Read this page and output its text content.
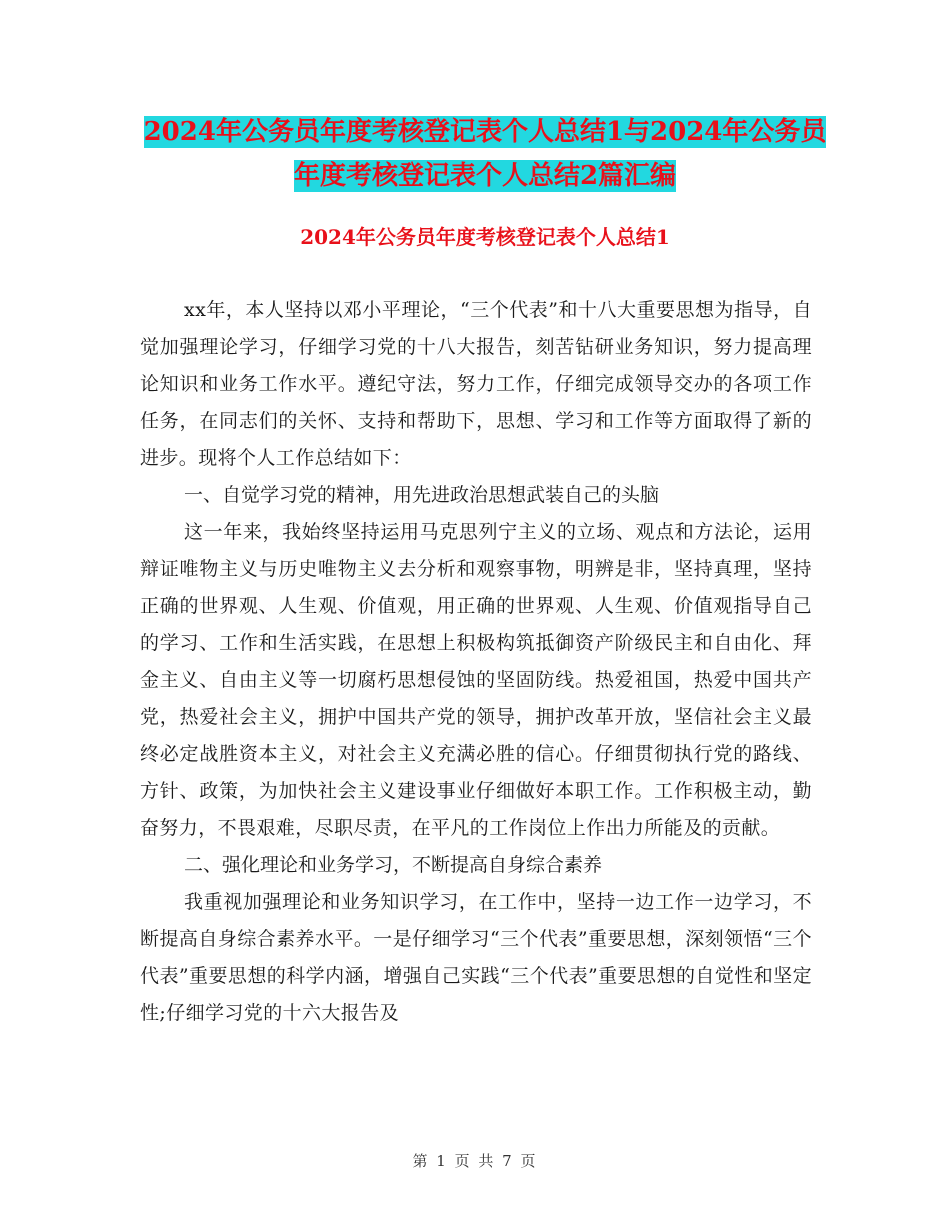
2024年公务员年度考核登记表个人总结1与2024年公务员年度考核登记表个人总结2篇汇编
2024年公务员年度考核登记表个人总结1

xx年，本人坚持以邓小平理论，“三个代表”和十八大重要思想为指导，自觉加强理论学习，仔细学习党的十八大报告，刻苦钻研业务知识，努力提高理论知识和业务工作水平。遵纪守法，努力工作，仔细完成领导交办的各项工作任务，在同志们的关怀、支持和帮助下，思想、学习和工作等方面取得了新的进步。现将个人工作总结如下：

一、自觉学习党的精神，用先进政治思想武装自己的头脑

这一年来，我始终坚持运用马克思列宁主义的立场、观点和方法论，运用辩证唯物主义与历史唯物主义去分析和观察事物，明辨是非，坚持真理，坚持正确的世界观、人生观、价值观，用正确的世界观、人生观、价值观指导自己的学习、工作和生活实践，在思想上积极构筑抵御资产阶级民主和自由化、拜金主义、自由主义等一切腐朽思想侵蚀的坚固防线。热爱祖国，热爱中国共产党，热爱社会主义，拥护中国共产党的领导，拥护改革开放，坚信社会主义最终必定战胜资本主义，对社会主义充满必胜的信心。仔细贯彻执行党的路线、方针、政策，为加快社会主义建设事业仔细做好本职工作。工作积极主动，勤奋努力，不畏艰难，尽职尽责，在平凡的工作岗位上作出力所能及的贡献。

二、强化理论和业务学习，不断提高自身综合素养

我重视加强理论和业务知识学习，在工作中，坚持一边工作一边学习，不断提高自身综合素养水平。一是仔细学习“三个代表”重要思想，深刻领悟“三个代表”重要思想的科学内涵，增强自己实践“三个代表”重要思想的自觉性和坚定性;仔细学习党的十六大报告及

第 1 页 共 7 页
